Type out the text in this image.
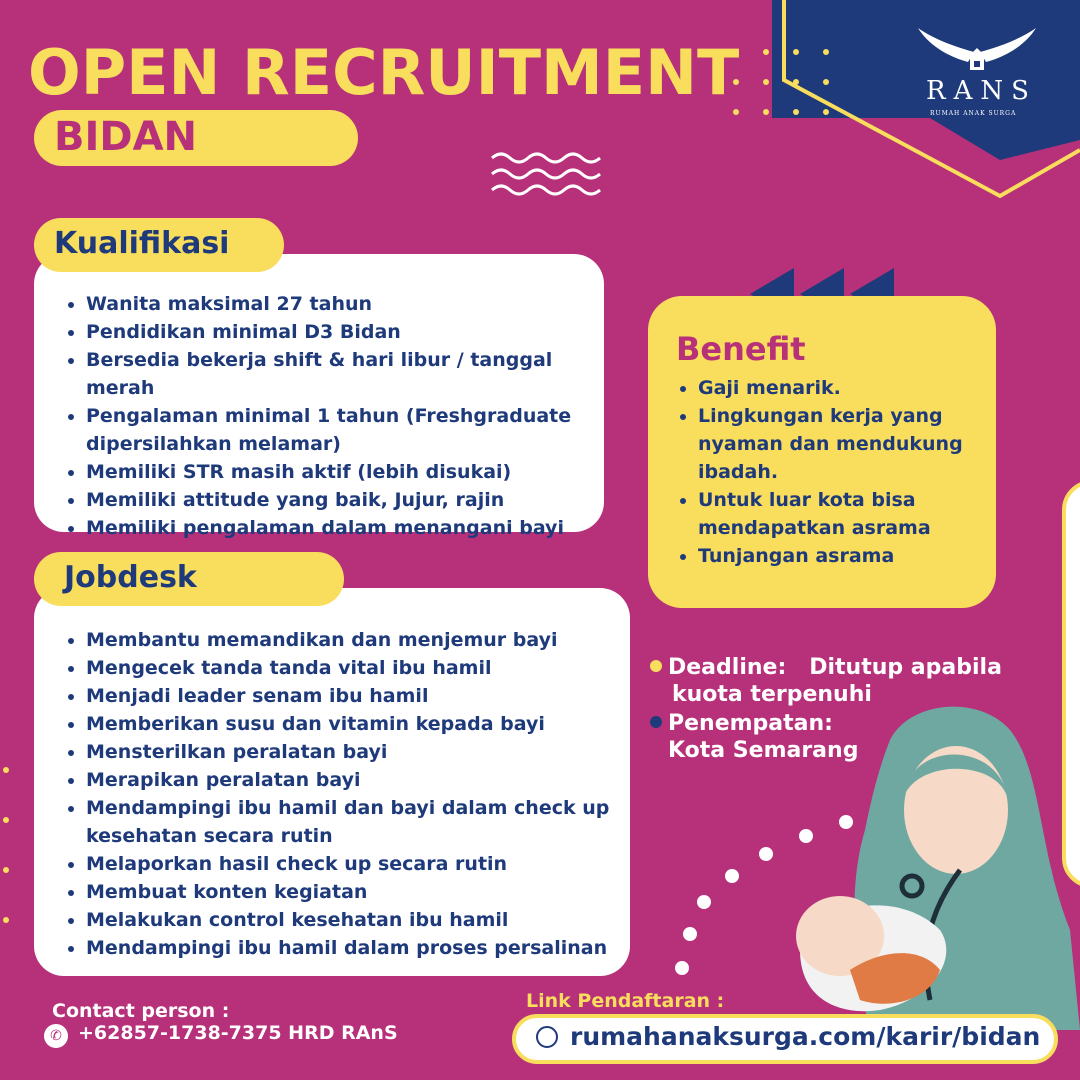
RANS
RUMAH ANAK SURGA
OPEN RECRUITMENT
BIDAN
Wanita maksimal 27 tahun
Pendidikan minimal D3 Bidan
Bersedia bekerja shift & hari libur / tanggal merah
Pengalaman minimal 1 tahun (Freshgraduate dipersilahkan melamar)
Memiliki STR masih aktif (lebih disukai)
Memiliki attitude yang baik, Jujur, rajin
Memiliki pengalaman dalam menangani bayi
Kualifikasi
Membantu memandikan dan menjemur bayi
Mengecek tanda tanda vital ibu hamil
Menjadi leader senam ibu hamil
Memberikan susu dan vitamin kepada bayi
Mensterilkan peralatan bayi
Merapikan peralatan bayi
Mendampingi ibu hamil dan bayi dalam check up kesehatan secara rutin
Melaporkan hasil check up secara rutin
Membuat konten kegiatan
Melakukan control kesehatan ibu hamil
Mendampingi ibu hamil dalam proses persalinan
Jobdesk
Benefit
Gaji menarik.
Lingkungan kerja yang nyaman dan mendukung ibadah.
Untuk luar kota bisa mendapatkan asrama
Tunjangan asrama
Deadline: Ditutup apabila
kuota terpenuhi
Penempatan:
Kota Semarang
Contact person :
✆ +62857-1738-7375 HRD RAnS
Link Pendaftaran :
rumahanaksurga.com/karir/bidan
